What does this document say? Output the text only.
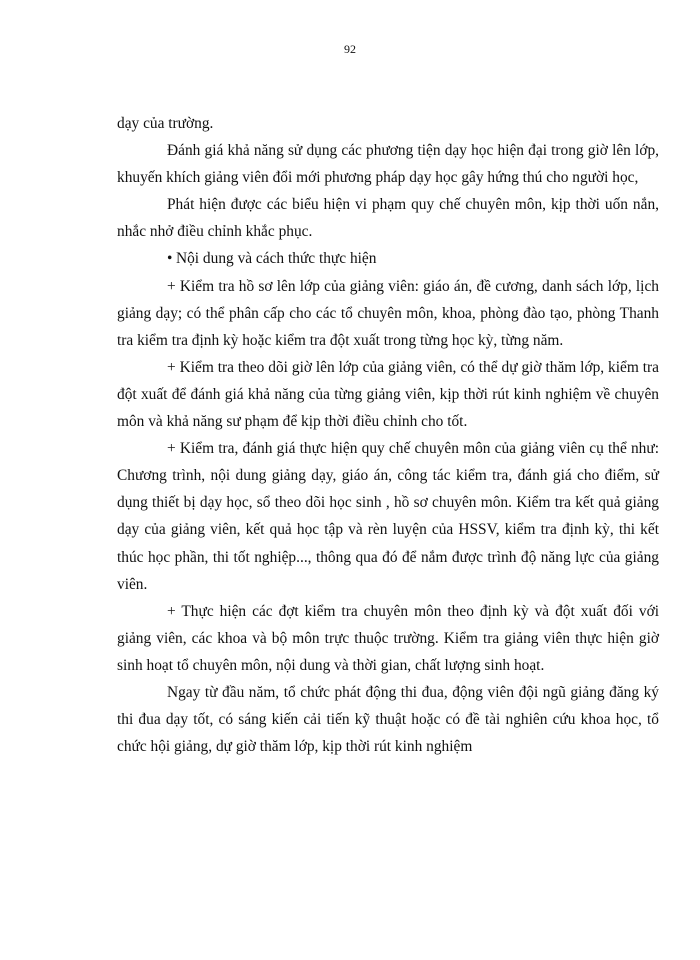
92

dạy của trường.

Đánh giá khả năng sử dụng các phương tiện dạy học hiện đại trong giờ lên lớp, khuyến khích giảng viên đổi mới phương pháp dạy học gây hứng thú cho người học,

Phát hiện được các biểu hiện vi phạm quy chế chuyên môn, kịp thời uốn nắn, nhắc nhở điều chỉnh khắc phục.

• Nội dung và cách thức thực hiện

+ Kiểm tra hồ sơ lên lớp của giảng viên: giáo án, đề cương, danh sách lớp, lịch giảng dạy; có thể phân cấp cho các tổ chuyên môn, khoa, phòng đào tạo, phòng Thanh tra kiểm tra định kỳ hoặc kiểm tra đột xuất trong từng học kỳ, từng năm.

+ Kiểm tra theo dõi giờ lên lớp của giảng viên, có thể dự giờ thăm lớp, kiểm tra đột xuất để đánh giá khả năng của từng giảng viên, kịp thời rút kinh nghiệm về chuyên môn và khả năng sư phạm để kịp thời điều chỉnh cho tốt.

+ Kiểm tra, đánh giá thực hiện quy chế chuyên môn của giảng viên cụ thể như: Chương trình, nội dung giảng dạy, giáo án, công tác kiểm tra, đánh giá cho điểm, sử dụng thiết bị dạy học, sổ theo dõi học sinh , hồ sơ chuyên môn. Kiểm tra kết quả giảng dạy của giảng viên, kết quả học tập và rèn luyện của HSSV, kiểm tra định kỳ, thi kết thúc học phần, thi tốt nghiệp..., thông qua đó để nắm được trình độ năng lực của giảng viên.

+ Thực hiện các đợt kiểm tra chuyên môn theo định kỳ và đột xuất đối với giảng viên, các khoa và bộ môn trực thuộc trường. Kiểm tra giảng viên thực hiện giờ sinh hoạt tổ chuyên môn, nội dung và thời gian, chất lượng sinh hoạt.

Ngay từ đầu năm, tổ chức phát động thi đua, động viên đội ngũ giảng đăng ký thi đua dạy tốt, có sáng kiến cải tiến kỹ thuật hoặc có đề tài nghiên cứu khoa học, tổ chức hội giảng, dự giờ thăm lớp, kịp thời rút kinh nghiệm
